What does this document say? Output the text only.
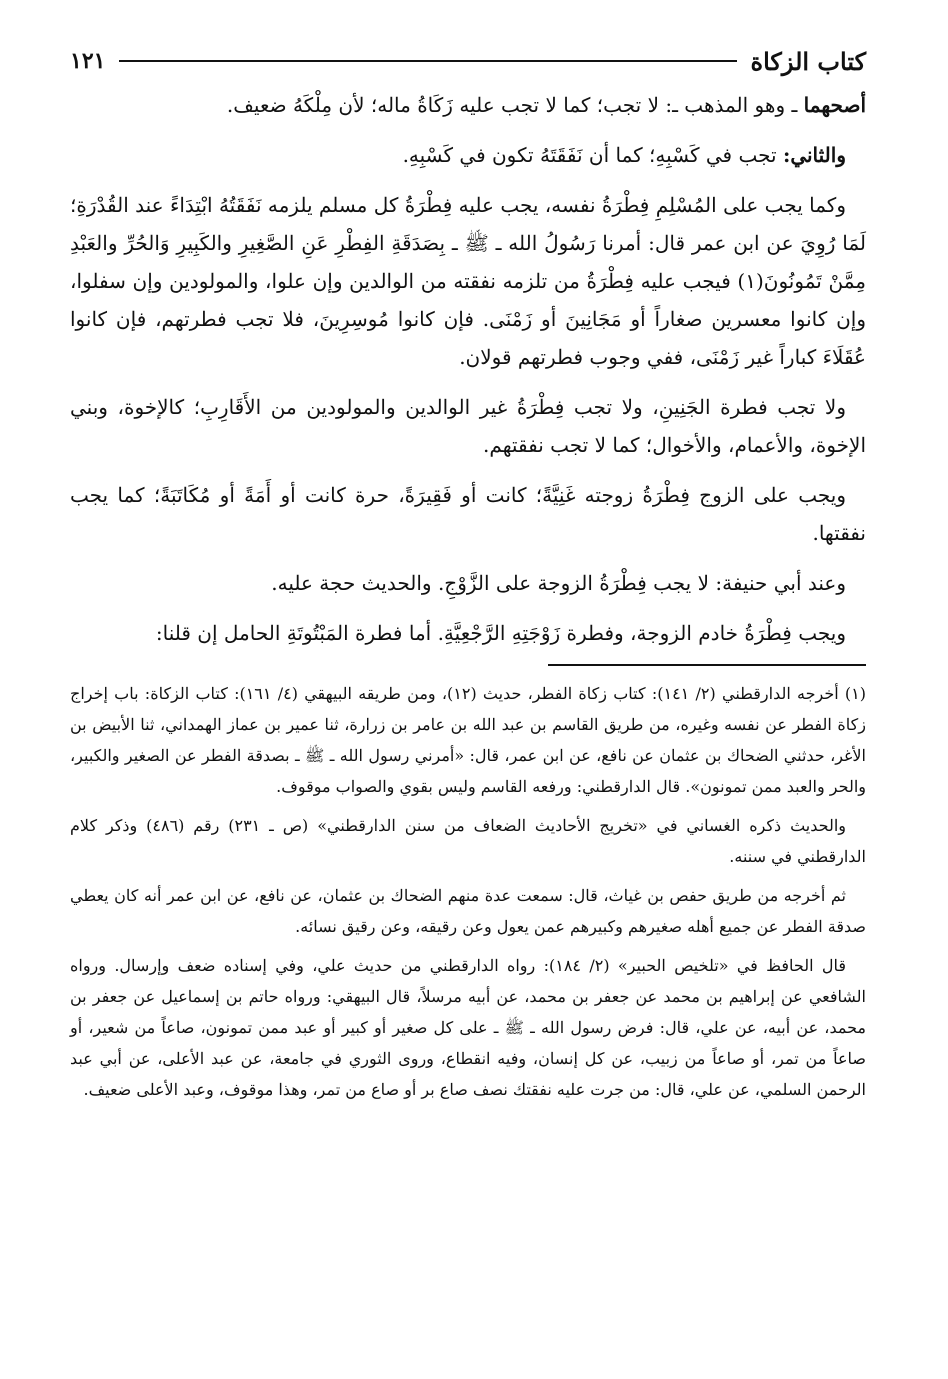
كتاب الزكاة
١٢١

أصحهما ـ وهو المذهب ـ: لا تجب؛ كما لا تجب عليه زَكَاةُ ماله؛ لأن مِلْكَهُ ضعيف.

والثاني: تجب في كَسْبِهِ؛ كما أن نَفَقَتَهُ تكون في كَسْبِهِ.

وكما يجب على المُسْلِمِ فِطْرَةُ نفسه، يجب عليه فِطْرَةُ كل مسلم يلزمه نَفَقَتُهُ ابْتِدَاءً عند القُدْرَةِ؛ لَمَا رُوِيَ عن ابن عمر قال: أمرنا رَسُولُ الله ـ ﷺ ـ بِصَدَقَةِ الفِطْرِ عَنِ الصَّغِيرِ والكَبِيرِ وَالحُرِّ والعَبْدِ مِمَّنْ تَمُونُونَ(١) فيجب عليه فِطْرَةُ من تلزمه نفقته من الوالدين وإن علوا، والمولودين وإن سفلوا، وإن كانوا معسرين صغاراً أو مَجَانِينَ أو زَمْنَى. فإن كانوا مُوسِرِينَ، فلا تجب فطرتهم، فإن كانوا عُقَلَاءَ كباراً غير زَمْنَى، ففي وجوب فطرتهم قولان.

ولا تجب فطرة الجَنِينِ، ولا تجب فِطْرَةُ غير الوالدين والمولودين من الأَقَارِبِ؛ كالإخوة، وبني الإخوة، والأعمام، والأخوال؛ كما لا تجب نفقتهم.

ويجب على الزوج فِطْرَةُ زوجته غَنِيَّةً؛ كانت أو فَقِيرَةً، حرة كانت أو أَمَةً أو مُكَاتَبَةً؛ كما يجب نفقتها.

وعند أبي حنيفة: لا يجب فِطْرَةُ الزوجة على الزَّوْجِ. والحديث حجة عليه.

ويجب فِطْرَةُ خادم الزوجة، وفطرة زَوْجَتِهِ الرَّجْعِيَّةِ. أما فطرة المَبْتُوتَةِ الحامل إن قلنا:

(١) أخرجه الدارقطني (٢/ ١٤١): كتاب زكاة الفطر، حديث (١٢)، ومن طريقه البيهقي (٤/ ١٦١): كتاب الزكاة: باب إخراج زكاة الفطر عن نفسه وغيره، من طريق القاسم بن عبد الله بن عامر بن زرارة، ثنا عمير بن عماز الهمداني، ثنا الأبيض بن الأغر، حدثني الضحاك بن عثمان عن نافع، عن ابن عمر، قال: «أمرني رسول الله ـ ﷺ ـ بصدقة الفطر عن الصغير والكبير، والحر والعبد ممن تمونون». قال الدارقطني: ورفعه القاسم وليس بقوي والصواب موقوف.

والحديث ذكره الغساني في «تخريج الأحاديث الضعاف من سنن الدارقطني» (ص ـ ٢٣١) رقم (٤٨٦) وذكر كلام الدارقطني في سننه.

ثم أخرجه من طريق حفص بن غياث، قال: سمعت عدة منهم الضحاك بن عثمان، عن نافع، عن ابن عمر أنه كان يعطي صدقة الفطر عن جميع أهله صغيرهم وكبيرهم عمن يعول وعن رقيقه، وعن رقيق نسائه.

قال الحافظ في «تلخيص الحبير» (٢/ ١٨٤): رواه الدارقطني من حديث علي، وفي إسناده ضعف وإرسال. ورواه الشافعي عن إبراهيم بن محمد عن جعفر بن محمد، عن أبيه مرسلاً، قال البيهقي: ورواه حاتم بن إسماعيل عن جعفر بن محمد، عن أبيه، عن علي، قال: فرض رسول الله ـ ﷺ ـ على كل صغير أو كبير أو عبد ممن تمونون، صاعاً من شعير، أو صاعاً من تمر، أو صاعاً من زبيب، عن كل إنسان، وفيه انقطاع، وروى الثوري في جامعة، عن عبد الأعلى، عن أبي عبد الرحمن السلمي، عن علي، قال: من جرت عليه نفقتك نصف صاع بر أو صاع من تمر، وهذا موقوف، وعبد الأعلى ضعيف.
